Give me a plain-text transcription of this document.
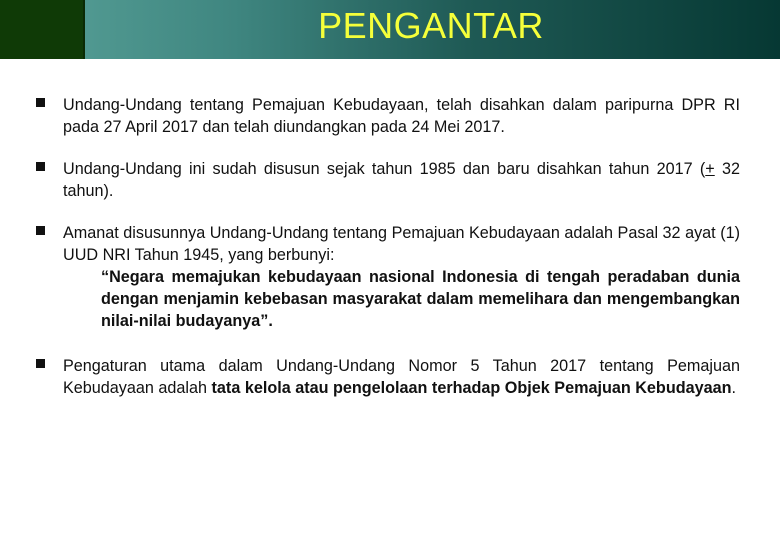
PENGANTAR
Undang-Undang tentang Pemajuan Kebudayaan, telah disahkan dalam paripurna DPR RI pada 27 April 2017 dan telah diundangkan pada 24 Mei 2017.
Undang-Undang ini sudah disusun sejak tahun 1985 dan baru disahkan tahun 2017 (+ 32 tahun).
Amanat disusunnya Undang-Undang tentang Pemajuan Kebudayaan adalah Pasal 32 ayat (1) UUD NRI Tahun 1945, yang berbunyi:
“Negara memajukan kebudayaan nasional Indonesia di tengah peradaban dunia dengan menjamin kebebasan masyarakat dalam memelihara dan mengembangkan nilai-nilai budayanya”.
Pengaturan utama dalam Undang-Undang Nomor 5 Tahun 2017 tentang Pemajuan Kebudayaan adalah tata kelola atau pengelolaan terhadap Objek Pemajuan Kebudayaan.
